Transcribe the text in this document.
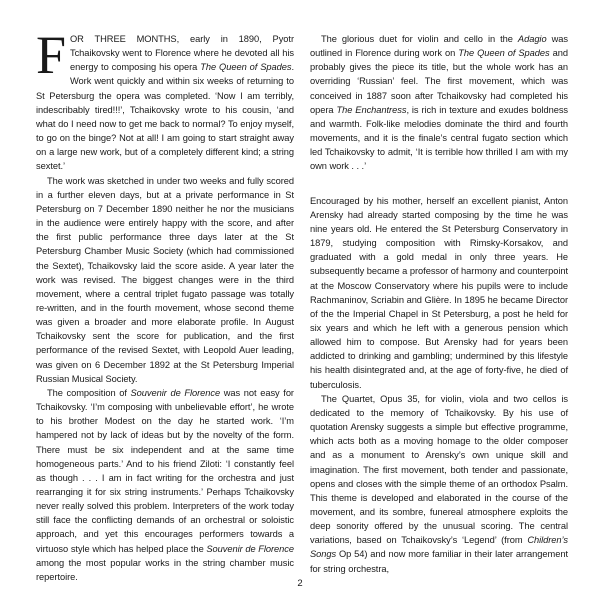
FOR THREE MONTHS, early in 1890, Pyotr Tchaikovsky went to Florence where he devoted all his energy to composing his opera The Queen of Spades. Work went quickly and within six weeks of returning to St Petersburg the opera was completed. ‘Now I am terribly, indescribably tired!!!’, Tchaikovsky wrote to his cousin, ‘and what do I need now to get me back to normal? To enjoy myself, to go on the binge? Not at all! I am going to start straight away on a large new work, but of a completely different kind; a string sextet.’

The work was sketched in under two weeks and fully scored in a further eleven days, but at a private performance in St Petersburg on 7 December 1890 neither he nor the musicians in the audience were entirely happy with the score, and after the first public performance three days later at the St Petersburg Chamber Music Society (which had commissioned the Sextet), Tchaikovsky laid the score aside. A year later the work was revised. The biggest changes were in the third movement, where a central triplet fugato passage was totally re-written, and in the fourth movement, whose second theme was given a broader and more elaborate profile. In August Tchaikovsky sent the score for publication, and the first performance of the revised Sextet, with Leopold Auer leading, was given on 6 December 1892 at the St Petersburg Imperial Russian Musical Society.

The composition of Souvenir de Florence was not easy for Tchaikovsky. ‘I’m composing with unbelievable effort’, he wrote to his brother Modest on the day he started work. ‘I’m hampered not by lack of ideas but by the novelty of the form. There must be six independent and at the same time homogeneous parts.’ And to his friend Ziloti: ‘I constantly feel as though . . . I am in fact writing for the orchestra and just rearranging it for six string instruments.’ Perhaps Tchaikovsky never really solved this problem. Interpreters of the work today still face the conflicting demands of an orchestral or soloistic approach, and yet this encourages performers towards a virtuoso style which has helped place the Souvenir de Florence among the most popular works in the string chamber music repertoire.

The glorious duet for violin and cello in the Adagio was outlined in Florence during work on The Queen of Spades and probably gives the piece its title, but the whole work has an overriding ‘Russian’ feel. The first movement, which was conceived in 1887 soon after Tchaikovsky had completed his opera The Enchantress, is rich in texture and exudes boldness and warmth. Folk-like melodies dominate the third and fourth movements, and it is the finale’s central fugato section which led Tchaikovsky to admit, ‘It is terrible how thrilled I am with my own work . . .’

Encouraged by his mother, herself an excellent pianist, Anton Arensky had already started composing by the time he was nine years old. He entered the St Petersburg Conservatory in 1879, studying composition with Rimsky-Korsakov, and graduated with a gold medal in only three years. He subsequently became a professor of harmony and counterpoint at the Moscow Conservatory where his pupils were to include Rachmaninov, Scriabin and Glière. In 1895 he became Director of the the Imperial Chapel in St Petersburg, a post he held for six years and which he left with a generous pension which allowed him to compose. But Arensky had for years been addicted to drinking and gambling; undermined by this lifestyle his health disintegrated and, at the age of forty-five, he died of tuberculosis.

The Quartet, Opus 35, for violin, viola and two cellos is dedicated to the memory of Tchaikovsky. By his use of quotation Arensky suggests a simple but effective programme, which acts both as a moving homage to the older composer and as a monument to Arensky’s own unique skill and imagination. The first movement, both tender and passionate, opens and closes with the simple theme of an orthodox Psalm. This theme is developed and elaborated in the course of the movement, and its sombre, funereal atmosphere exploits the deep sonority offered by the unusual scoring. The central variations, based on Tchaikovsky’s ‘Legend’ (from Children’s Songs Op 54) and now more familiar in their later arrangement for string orchestra,

2
